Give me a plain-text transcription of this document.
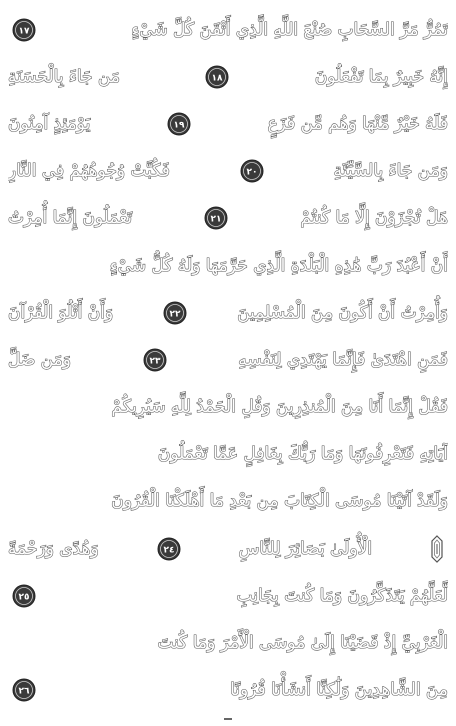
تَمُرُّ مَرَّ السَّحَابِ صُنْعَ اللَّهِ الَّذِي أَتْقَنَ كُلَّ شَيْءٍ
١٧
إِنَّهُ خَبِيرٌ بِمَا تَفْعَلُونَ
١٨
مَن جَاءَ بِالْحَسَنَةِ
فَلَهُ خَيْرٌ مِّنْهَا وَهُم مِّن فَزَعٍ
١٩
يَوْمَئِذٍ آمِنُونَ
وَمَن جَاءَ بِالسَّيِّئَةِ
٢٠
فَكُبَّتْ وُجُوهُهُمْ فِي النَّارِ
هَلْ تُجْزَوْنَ إِلَّا مَا كُنتُمْ
٢١
تَعْمَلُونَ إِنَّمَا أُمِرْتُ
أَنْ أَعْبُدَ رَبَّ هَٰذِهِ الْبَلْدَةِ الَّذِي حَرَّمَهَا وَلَهُ كُلُّ شَيْءٍ
وَأُمِرْتُ أَنْ أَكُونَ مِنَ الْمُسْلِمِينَ
٢٢
وَأَنْ أَتْلُوَ الْقُرْآنَ
فَمَنِ اهْتَدَىٰ فَإِنَّمَا يَهْتَدِي لِنَفْسِهِ
٢٣
وَمَن ضَلَّ
فَقُلْ إِنَّمَا أَنَا مِنَ الْمُنذِرِينَ وَقُلِ الْحَمْدُ لِلَّهِ سَيُرِيكُمْ
آيَاتِهِ فَتَعْرِفُونَهَا وَمَا رَبُّكَ بِغَافِلٍ عَمَّا تَعْمَلُونَ
وَلَقَدْ آتَيْنَا مُوسَى الْكِتَابَ مِن بَعْدِ مَا أَهْلَكْنَا الْقُرُونَ
الْأُولَىٰ بَصَائِرَ لِلنَّاسِ
٢٤
وَهُدًى وَرَحْمَةً
لَّعَلَّهُمْ يَتَذَكَّرُونَ وَمَا كُنتَ بِجَانِبِ
٢٥
الْغَرْبِيِّ إِذْ قَضَيْنَا إِلَىٰ مُوسَى الْأَمْرَ وَمَا كُنتَ
مِنَ الشَّاهِدِينَ وَلَٰكِنَّا أَنشَأْنَا قُرُونًا
٢٦
